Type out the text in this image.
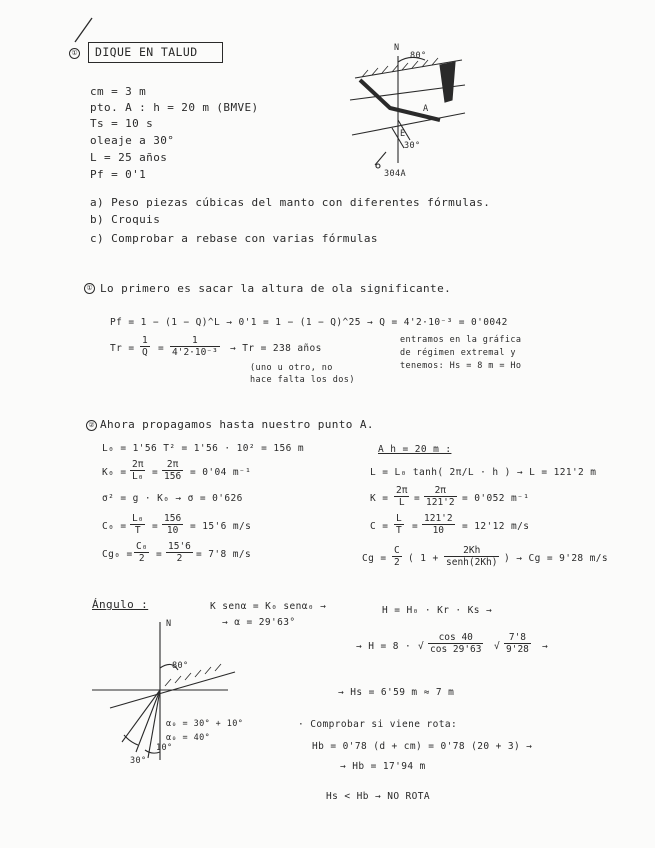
① DIQUE EN TALUD
cm = 3 m
pto. A : h = 20 m (BMVE)
Ts = 10 s
oleaje a 30°
L = 25 años
Pf = 0'1
N
80°
A
E
30°
304A
a) Peso piezas cúbicas del manto con diferentes fórmulas.
b) Croquis
c) Comprobar a rebase con varias fórmulas
① Lo primero es sacar la altura de ola significante.
Pf = 1 − (1 − Q)^L → 0'1 = 1 − (1 − Q)^25 → Q = 4'2·10⁻³ = 0'0042
$Tr = \frac{1}{Q} = \frac{1}{\text{4'2·10⁻³}} \to Tr = 238$ años
(uno u otro, no
hace falta los dos)
entramos en la gráfica
de régimen extremal y
tenemos: Hs = 8 m = Ho
② Ahora propagamos hasta nuestro punto A.
L₀ = 1'56 T² = 1'56 · 10² = 156 m
$K_0 = \frac{2\pi}{\text{L₀}} = \frac{2\pi}{156} = 0'04$ m⁻¹
σ² = g · K₀ → σ = 0'626
$C_0 = \frac{\text{L₀}}{T} = \frac{156}{10} = 15'6$ m/s
$Cg_0 = \frac{\text{C₀}}{2} = \frac{15'6}{2} = 7'8$ m/s
A h = 20 m :
L = L₀ tanh( 2π/L · h ) → L = 121'2 m
$K = \frac{2\pi}{L} = \frac{2\pi}{121'2} = 0'052$ m⁻¹
$C = \frac{L}{T} = \frac{121'2}{10} = 12'12$ m/s
$Cg = \frac{C}{2}$ ( 1 +
2Kh
senh(2Kh) ) → Cg = 9'28 m/s
Ángulo :	K senα = K₀ senα₀ →
→ α = 29'63°
N
80°
α₀ = 30° + 10°
α₀ = 40°
10°
30°
H = H₀ · Kr · Ks →
→ H = 8 · √ $\frac{\cos 40}{\cos 29'63}$ √ $\frac{7'8}{9'28}$ →
→ Hs = 6'59 m ≈ 7 m
· Comprobar si viene rota:
Hb = 0'78 (d + cm) = 0'78 (20 + 3) →
→ Hb = 17'94 m
Hs < Hb → NO ROTA
